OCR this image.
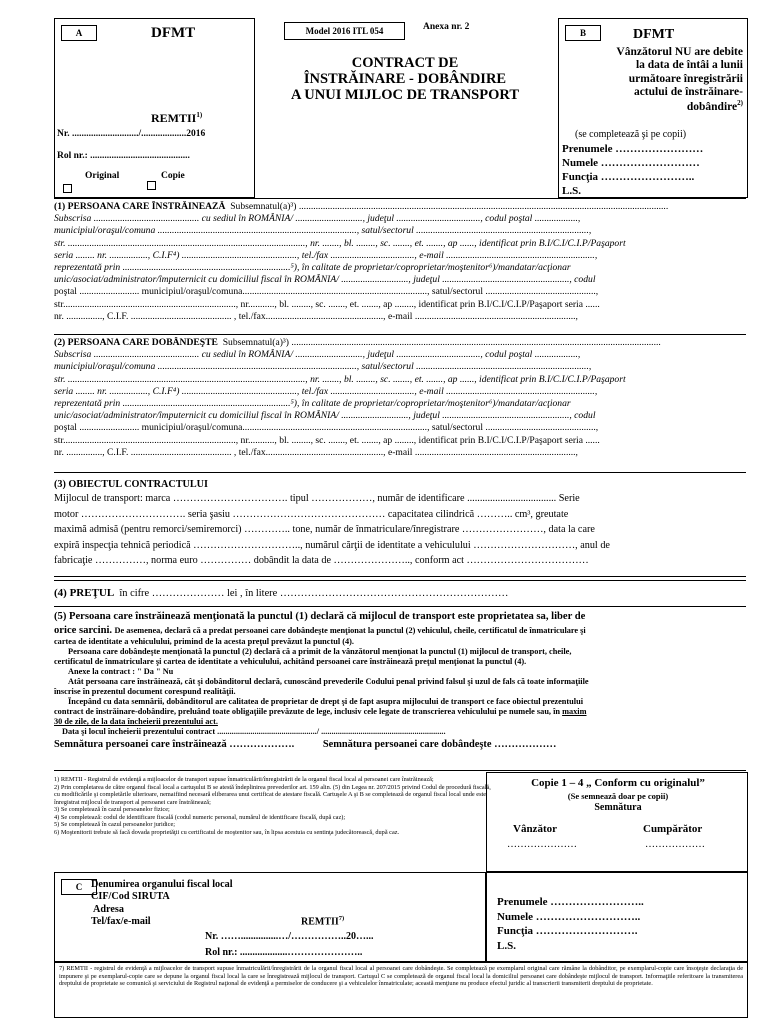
A	DFMT
REMTII$^{1)}$
Nr. ............................/...................2016
Rol nr.: ..........................................
Original	Copie
Model 2016 ITL 054	Anexa nr. 2
CONTRACT DE
ÎNSTRĂINARE - DOBÂNDIRE
A UNUI MIJLOC DE TRANSPORT
B	DFMT
Vânzătorul NU are debite
la data de întâi a lunii
următoare înregistrării
actului de înstrăinare-
dobândire$^{2)}$
(se completează şi pe copii)
Prenumele ……………………
Numele ………………………
Funcţia ……………………..
L.S.

(1) PERSOANA CARE ÎNSTRĂINEAZĂ Subsemnatul(a)³) ..........................................................................................................................................................

Subscrisa ............................................ cu sediul în ROMÂNIA/ ............................, judeţul ..................................., codul poştal ..................,

municipiul/oraşul/comuna ..................................................................................., satul/sectorul ........................................................................,

str. ..................................................................................................., nr. ......., bl. ........, sc. ......., et. ......., ap ......, identificat prin B.I/C.I/C.I.P/Paşaport

seria ........ nr. ................, C.I.F⁴) ................................................, tel./fax ..................................., e-mail ..............................................................,

reprezentată prin ......................................................................⁵), în calitate de proprietar/coproprietar/moştenitor⁶)/mandatar/acţionar

unic/asociat/administrator/împuternicit cu domiciliul fiscal în ROMÂNIA/ ............................, judeţul ....................................................., codul

poştal ......................... municipiul/oraşul/comuna............................................................................., satul/sectorul ..............................................,

str........................................................................, nr..........., bl. ........, sc. ......., et. ......., ap ........, identificat prin B.I/C.I/C.I.P/Paşaport seria ......

nr. ..............., C.I.F. .......................................... , tel./fax................................................., e-mail ...................................................................,

(2) PERSOANA CARE DOBÂNDEŞTE Subsemnatul(a)³) ..........................................................................................................................................................

Subscrisa ............................................ cu sediul în ROMÂNIA/ ............................, judeţul ..................................., codul poştal ..................,

municipiul/oraşul/comuna ..................................................................................., satul/sectorul ........................................................................,

str. ..................................................................................................., nr. ......., bl. ........, sc. ......., et. ......., ap ......, identificat prin B.I/C.I/C.I.P/Paşaport

seria ........ nr. ................, C.I.F⁴) ................................................, tel./fax ..................................., e-mail ..............................................................,

reprezentată prin ......................................................................⁵), în calitate de proprietar/coproprietar/moştenitor⁶)/mandatar/acţionar

unic/asociat/administrator/împuternicit cu domiciliul fiscal în ROMÂNIA/ ............................, judeţul ....................................................., codul

poştal ......................... municipiul/oraşul/comuna............................................................................., satul/sectorul ..............................................,

str........................................................................, nr..........., bl. ........, sc. ......., et. ......., ap ........, identificat prin B.I/C.I/C.I.P/Paşaport seria ......

nr. ..............., C.I.F. .......................................... , tel./fax................................................., e-mail ...................................................................,

(3) OBIECTUL CONTRACTULUI

Mijlocul de transport: marca ……………………………. tipul ………………, număr de identificare ................................... Serie

motor …………………………. seria şasiu ……………………………………… capacitatea cilindrică ……….. cm³, greutate

maximă admisă (pentru remorci/semiremorci) ………….. tone, număr de înmatriculare/înregistrare ……………………, data la care

expiră inspecţia tehnică periodică ………………………….., numărul cărţii de identitate a vehiculului …………………………, anul de

fabricaţie ……………, norma euro …………… dobândit la data de ………………….., conform act ………………………………

(4) PREŢUL în cifre ………………… lei , în litere …………………………………………………………

(5) Persoana care înstrăinează menţionată la punctul (1) declară că mijlocul de transport este proprietatea sa, liber de

orice sarcini. De asemenea, declară că a predat persoanei care dobândeşte menţionat la punctul (2) vehiculul, cheile, certificatul de înmatriculare şi

cartea de identitate a vehiculului, primind de la acesta preţul prevăzut la punctul (4).

Persoana care dobândeşte menţionată la punctul (2) declară că a primit de la vânzătorul menţionat la punctul (1) mijlocul de transport, cheile,

certificatul de înmatriculare şi cartea de identitate a vehiculului, achitând persoanei care înstrăinează preţul menţionat la punctul (4).

Anexe la contract : " Da " Nu

Atât persoana care înstrăinează, cât şi dobânditorul declară, cunoscând prevederile Codului penal privind falsul şi uzul de fals că toate informaţiile

înscrise în prezentul document corespund realităţii.

Începând cu data semnării, dobânditorul are calitatea de proprietar de drept şi de fapt asupra mijlocului de transport ce face obiectul prezentului

contract de înstrăinare-dobândire, preluând toate obligaţiile prevăzute de lege, inclusiv cele legate de transcrierea vehiculului pe numele sau, în maxim

30 de zile, de la data încheierii prezentului act.

Data şi locul încheierii prezentului contract ................................................/ ............................................................

Semnătura persoanei care înstrăinează ……………….	Semnătura persoanei care dobândeşte ………………

1) REMTII - Registrul de evidenţă a mijloacelor de transport supuse înmatriculării/înregistrării de la organul fiscal local al persoanei care înstrăinează;
2) Prin completarea de către organul fiscal local a cartuşului B se atestă îndeplinirea prevederilor art. 159 alin. (5) din Legea nr. 207/2015 privind Codul de procedură fiscală, cu modificările şi completările ulterioare, nemaifiind necesară eliberarea unui certificat de atestare fiscală. Cartuşele A şi B se completează de organul fiscal local unde este înregistrat mijlocul de transport al persoanei care înstrăinează;
3) Se completează în cazul persoanelor fizice;
4) Se completează: codul de identificare fiscală (codul numeric personal, numărul de identificare fiscală, după caz);
5) Se completează în cazul persoanelor juridice;
6) Moştenitorii trebuie să facă dovada proprietăţii cu certificatul de moştenitor sau, în lipsa acestuia cu sentinţa judecătorească, după caz.
Copie 1 – 4 „ Conform cu originalul”
(Se semnează doar pe copii)
Semnătura
Vânzător	Cumpărător
…………………	………………
C Denumirea organului fiscal local
CIF/Cod SIRUTA
Adresa
Tel/fax/e-mail	REMTII$^{7)}$
Nr. ……...............…/……………..20…...
Rol nr.: ...................…………………..
Prenumele ……………………..
Numele ………………………..
Funcţia ……………………….
L.S.
7) REMTII - registrul de evidenţă a mijloacelor de transport supuse înmatriculării/înregistrării de la organul fiscal local al persoanei care dobândeşte. Se completează pe exemplarul original care rămâne la dobânditor, pe exemplarul-copie care însoţeşte declaraţia de impunere şi pe exemplarul-copie care se depune la organul fiscal local la care se înregistrează mijlocul de transport. Cartuşul C se completează de organul fiscal local la domiciliul persoanei care dobândeşte mijlocul de transport. Informaţiile referitoare la transmiterea dreptului de proprietate se comunică şi serviciului de Registrul naţional de evidenţă a permiselor de conducere şi a vehiculelor înmatriculate; această menţiune nu produce efectul juridic al transcrierii transmiterii dreptului de proprietate.
